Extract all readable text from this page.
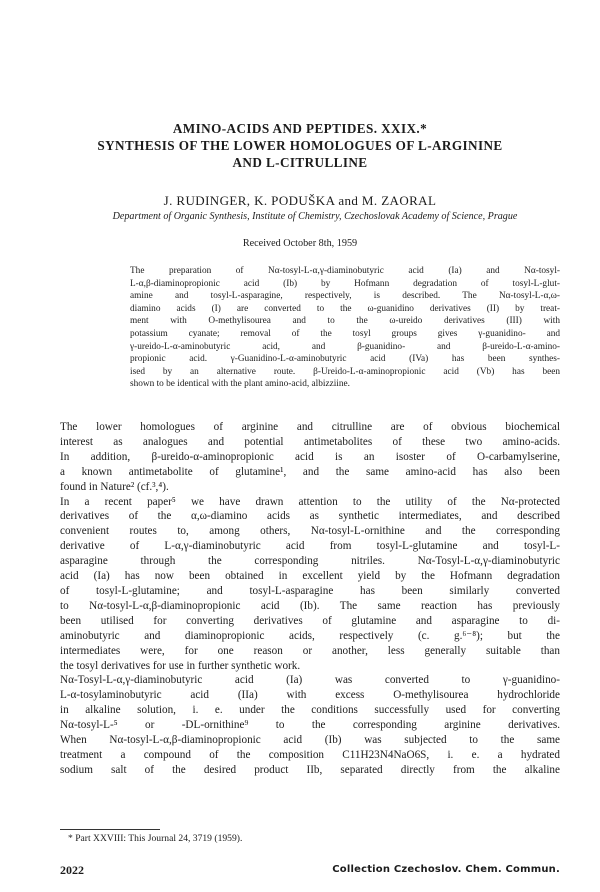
AMINO-ACIDS AND PEPTIDES. XXIX.*
SYNTHESIS OF THE LOWER HOMOLOGUES OF L-ARGININE
AND L-CITRULLINE
J. RUDINGER, K. PODUŠKA and M. ZAORAL
Department of Organic Synthesis, Institute of Chemistry, Czechoslovak Academy of Science, Prague
Received October 8th, 1959
The preparation of Nα-tosyl-L-α,γ-diaminobutyric acid (Ia) and Nα-tosyl-
L-α,β-diaminopropionic acid (Ib) by Hofmann degradation of tosyl-L-glut-
amine and tosyl-L-asparagine, respectively, is described. The Nα-tosyl-L-α,ω-
diamino acids (I) are converted to the ω-guanidino derivatives (II) by treat-
ment with O-methylisourea and to the ω-ureido derivatives (III) with
potassium cyanate; removal of the tosyl groups gives γ-guanidino- and
γ-ureido-L-α-aminobutyric acid, and β-guanidino- and β-ureido-L-α-amino-
propionic acid. γ-Guanidino-L-α-aminobutyric acid (IVa) has been synthes-
ised by an alternative route. β-Ureido-L-α-aminopropionic acid (Vb) has been
shown to be identical with the plant amino-acid, albizziine.
The lower homologues of arginine and citrulline are of obvious biochemical
interest as analogues and potential antimetabolites of these two amino-acids.
In addition, β-ureido-α-aminopropionic acid is an isoster of O-carbamylserine,
a known antimetabolite of glutamine¹, and the same amino-acid has also been
found in Nature² (cf.³,⁴).
In a recent paper⁵ we have drawn attention to the utility of the Nα-protected
derivatives of the α,ω-diamino acids as synthetic intermediates, and described
convenient routes to, among others, Nα-tosyl-L-ornithine and the corresponding
derivative of L-α,γ-diaminobutyric acid from tosyl-L-glutamine and tosyl-L-
asparagine through the corresponding nitriles. Nα-Tosyl-L-α,γ-diaminobutyric
acid (Ia) has now been obtained in excellent yield by the Hofmann degradation
of tosyl-L-glutamine; and tosyl-L-asparagine has been similarly converted
to Nα-tosyl-L-α,β-diaminopropionic acid (Ib). The same reaction has previously
been utilised for converting derivatives of glutamine and asparagine to di-
aminobutyric and diaminopropionic acids, respectively (c. g.⁶⁻⁸); but the
intermediates were, for one reason or another, less generally suitable than
the tosyl derivatives for use in further synthetic work.
Nα-Tosyl-L-α,γ-diaminobutyric acid (Ia) was converted to γ-guanidino-
L-α-tosylaminobutyric acid (IIa) with excess O-methylisourea hydrochloride
in alkaline solution, i. e. under the conditions successfully used for converting
Nα-tosyl-L-⁵ or -DL-ornithine⁹ to the corresponding arginine derivatives.
When Nα-tosyl-L-α,β-diaminopropionic acid (Ib) was subjected to the same
treatment a compound of the composition C11H23N4NaO6S, i. e. a hydrated
sodium salt of the desired product IIb, separated directly from the alkaline
* Part XXVIII: This Journal 24, 3719 (1959).
2022	Collection Czechoslov. Chem. Commun.
